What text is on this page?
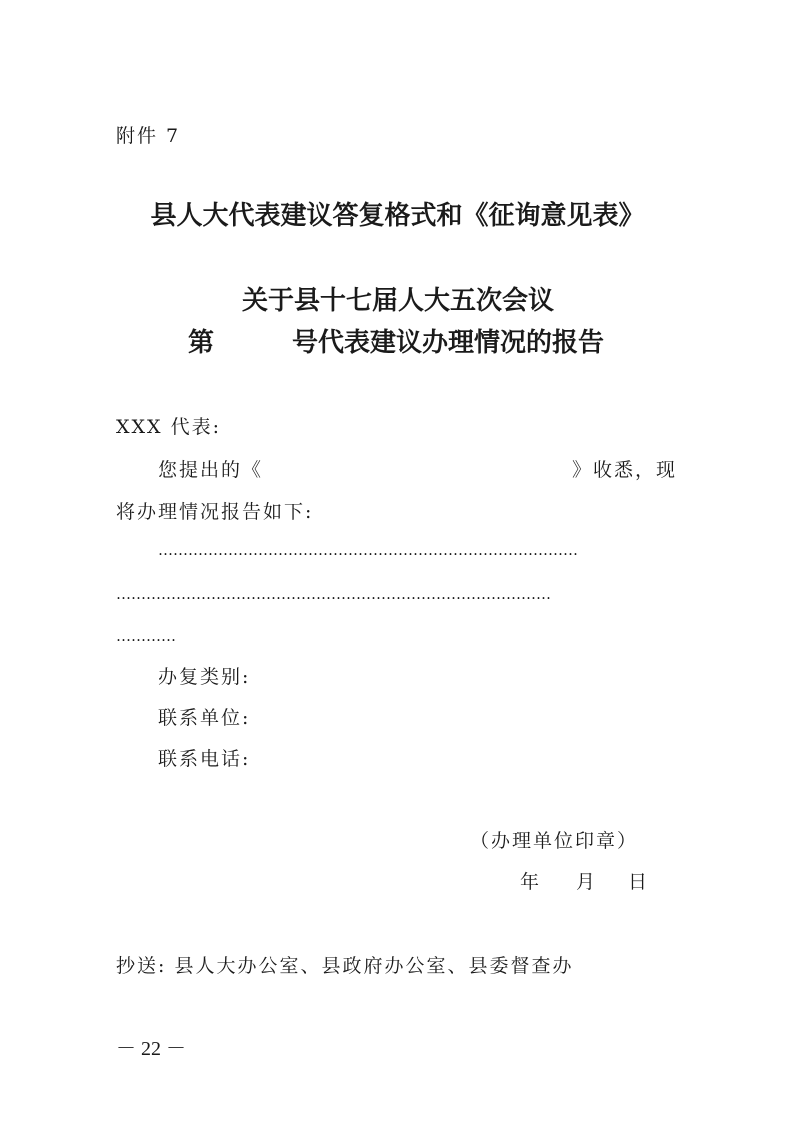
附件 7
县人大代表建议答复格式和《征询意见表》
关于县十七届人大五次会议
第	号代表建议办理情况的报告
XXX 代表:
您提出的《	》收悉，现
将办理情况报告如下:
…………………………………………………………………………
……………………………………………………………………………
…………
办复类别:
联系单位:
联系电话:
（办理单位印章）
年 月 日
抄送: 县人大办公室、县政府办公室、县委督查办
－ 22 －
